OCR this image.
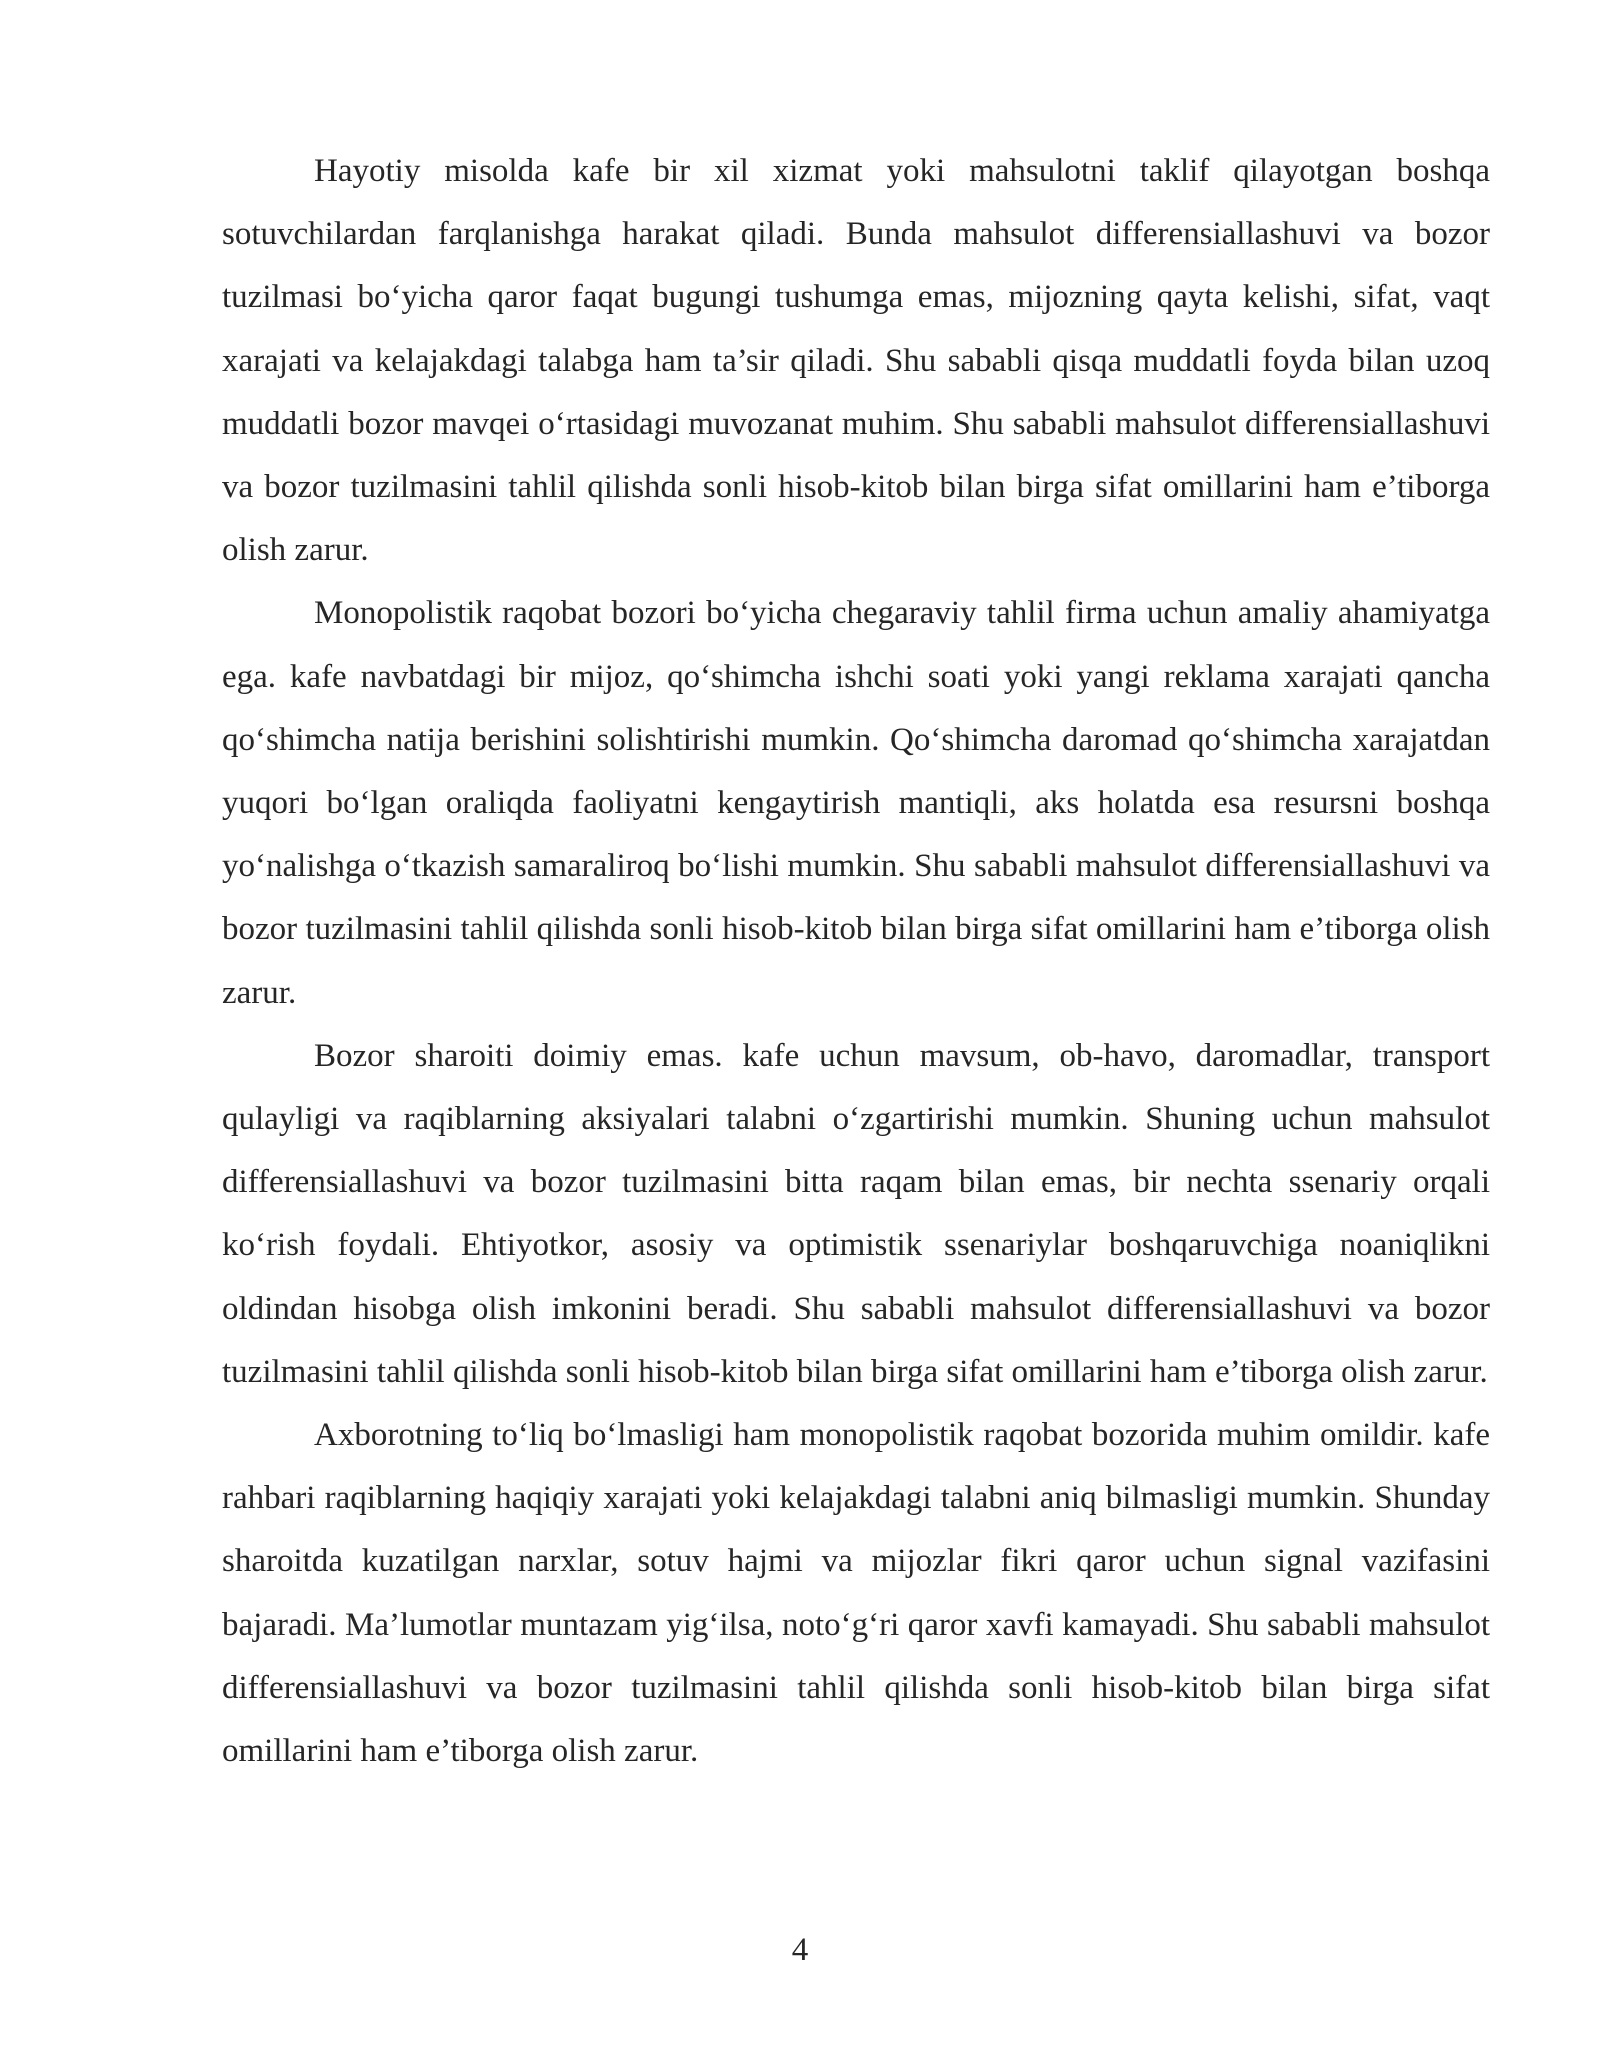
Hayotiy misolda kafe bir xil xizmat yoki mahsulotni taklif qilayotgan boshqa sotuvchilardan farqlanishga harakat qiladi. Bunda mahsulot differensiallashuvi va bozor tuzilmasi bo‘yicha qaror faqat bugungi tushumga emas, mijozning qayta kelishi, sifat, vaqt xarajati va kelajakdagi talabga ham ta’sir qiladi. Shu sababli qisqa muddatli foyda bilan uzoq muddatli bozor mavqei o‘rtasidagi muvozanat muhim. Shu sababli mahsulot differensiallashuvi va bozor tuzilmasini tahlil qilishda sonli hisob-kitob bilan birga sifat omillarini ham e’tiborga olish zarur.

Monopolistik raqobat bozori bo‘yicha chegaraviy tahlil firma uchun amaliy ahamiyatga ega. kafe navbatdagi bir mijoz, qo‘shimcha ishchi soati yoki yangi reklama xarajati qancha qo‘shimcha natija berishini solishtirishi mumkin. Qo‘shimcha daromad qo‘shimcha xarajatdan yuqori bo‘lgan oraliqda faoliyatni kengaytirish mantiqli, aks holatda esa resursni boshqa yo‘nalishga o‘tkazish samaraliroq bo‘lishi mumkin. Shu sababli mahsulot differensiallashuvi va bozor tuzilmasini tahlil qilishda sonli hisob-kitob bilan birga sifat omillarini ham e’tiborga olish zarur.

Bozor sharoiti doimiy emas. kafe uchun mavsum, ob-havo, daromadlar, transport qulayligi va raqiblarning aksiyalari talabni o‘zgartirishi mumkin. Shuning uchun mahsulot differensiallashuvi va bozor tuzilmasini bitta raqam bilan emas, bir nechta ssenariy orqali ko‘rish foydali. Ehtiyotkor, asosiy va optimistik ssenariylar boshqaruvchiga noaniqlikni oldindan hisobga olish imkonini beradi. Shu sababli mahsulot differensiallashuvi va bozor tuzilmasini tahlil qilishda sonli hisob-kitob bilan birga sifat omillarini ham e’tiborga olish zarur.

Axborotning to‘liq bo‘lmasligi ham monopolistik raqobat bozorida muhim omildir. kafe rahbari raqiblarning haqiqiy xarajati yoki kelajakdagi talabni aniq bilmasligi mumkin. Shunday sharoitda kuzatilgan narxlar, sotuv hajmi va mijozlar fikri qaror uchun signal vazifasini bajaradi. Ma’lumotlar muntazam yig‘ilsa, noto‘g‘ri qaror xavfi kamayadi. Shu sababli mahsulot differensiallashuvi va bozor tuzilmasini tahlil qilishda sonli hisob-kitob bilan birga sifat omillarini ham e’tiborga olish zarur.

4
